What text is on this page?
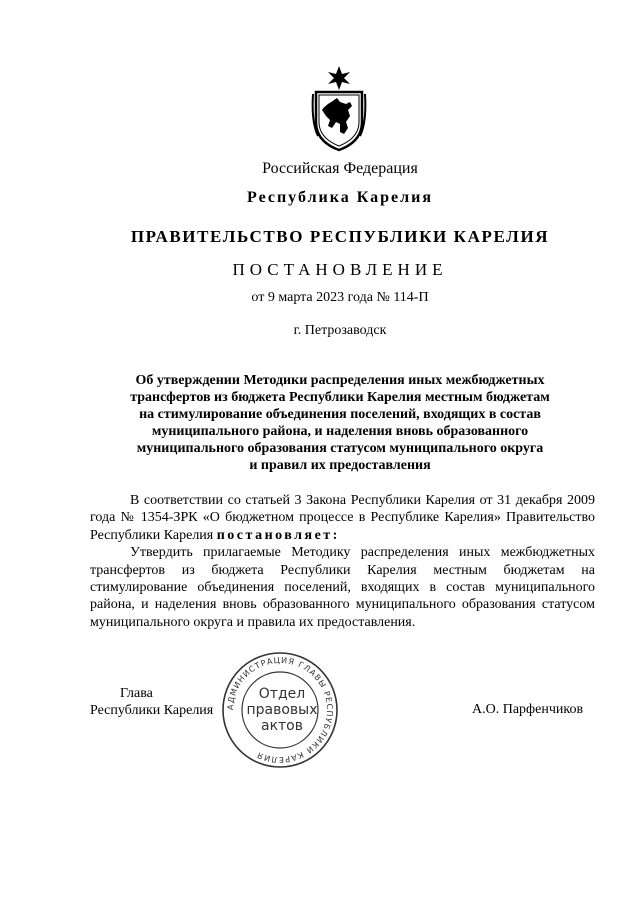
Российская Федерация
Республика Карелия
ПРАВИТЕЛЬСТВО РЕСПУБЛИКИ КАРЕЛИЯ
ПОСТАНОВЛЕНИЕ
от 9 марта 2023 года № 114-П
г. Петрозаводск
Об утверждении Методики распределения иных межбюджетных
трансфертов из бюджета Республики Карелия местным бюджетам
на стимулирование объединения поселений, входящих в состав
муниципального района, и наделения вновь образованного
муниципального образования статусом муниципального округа
и правил их предоставления

В соответствии со статьей 3 Закона Республики Карелия от 31 декабря 2009 года № 1354-ЗРК «О бюджетном процессе в Республике Карелия» Правительство Республики Карелия постановляет:

Утвердить прилагаемые Методику распределения иных межбюджетных трансфертов из бюджета Республики Карелия местным бюджетам на стимулирование объединения поселений, входящих в состав муниципального района, и наделения вновь образованного муниципального образования статусом муниципального округа и правила их предоставления.

Глава
Республики Карелия	А.О. Парфенчиков
АДМИНИСТРАЦИЯ ГЛАВЫ РЕСПУБЛИКИ КАРЕЛИЯ
Отдел
правовых
актов
